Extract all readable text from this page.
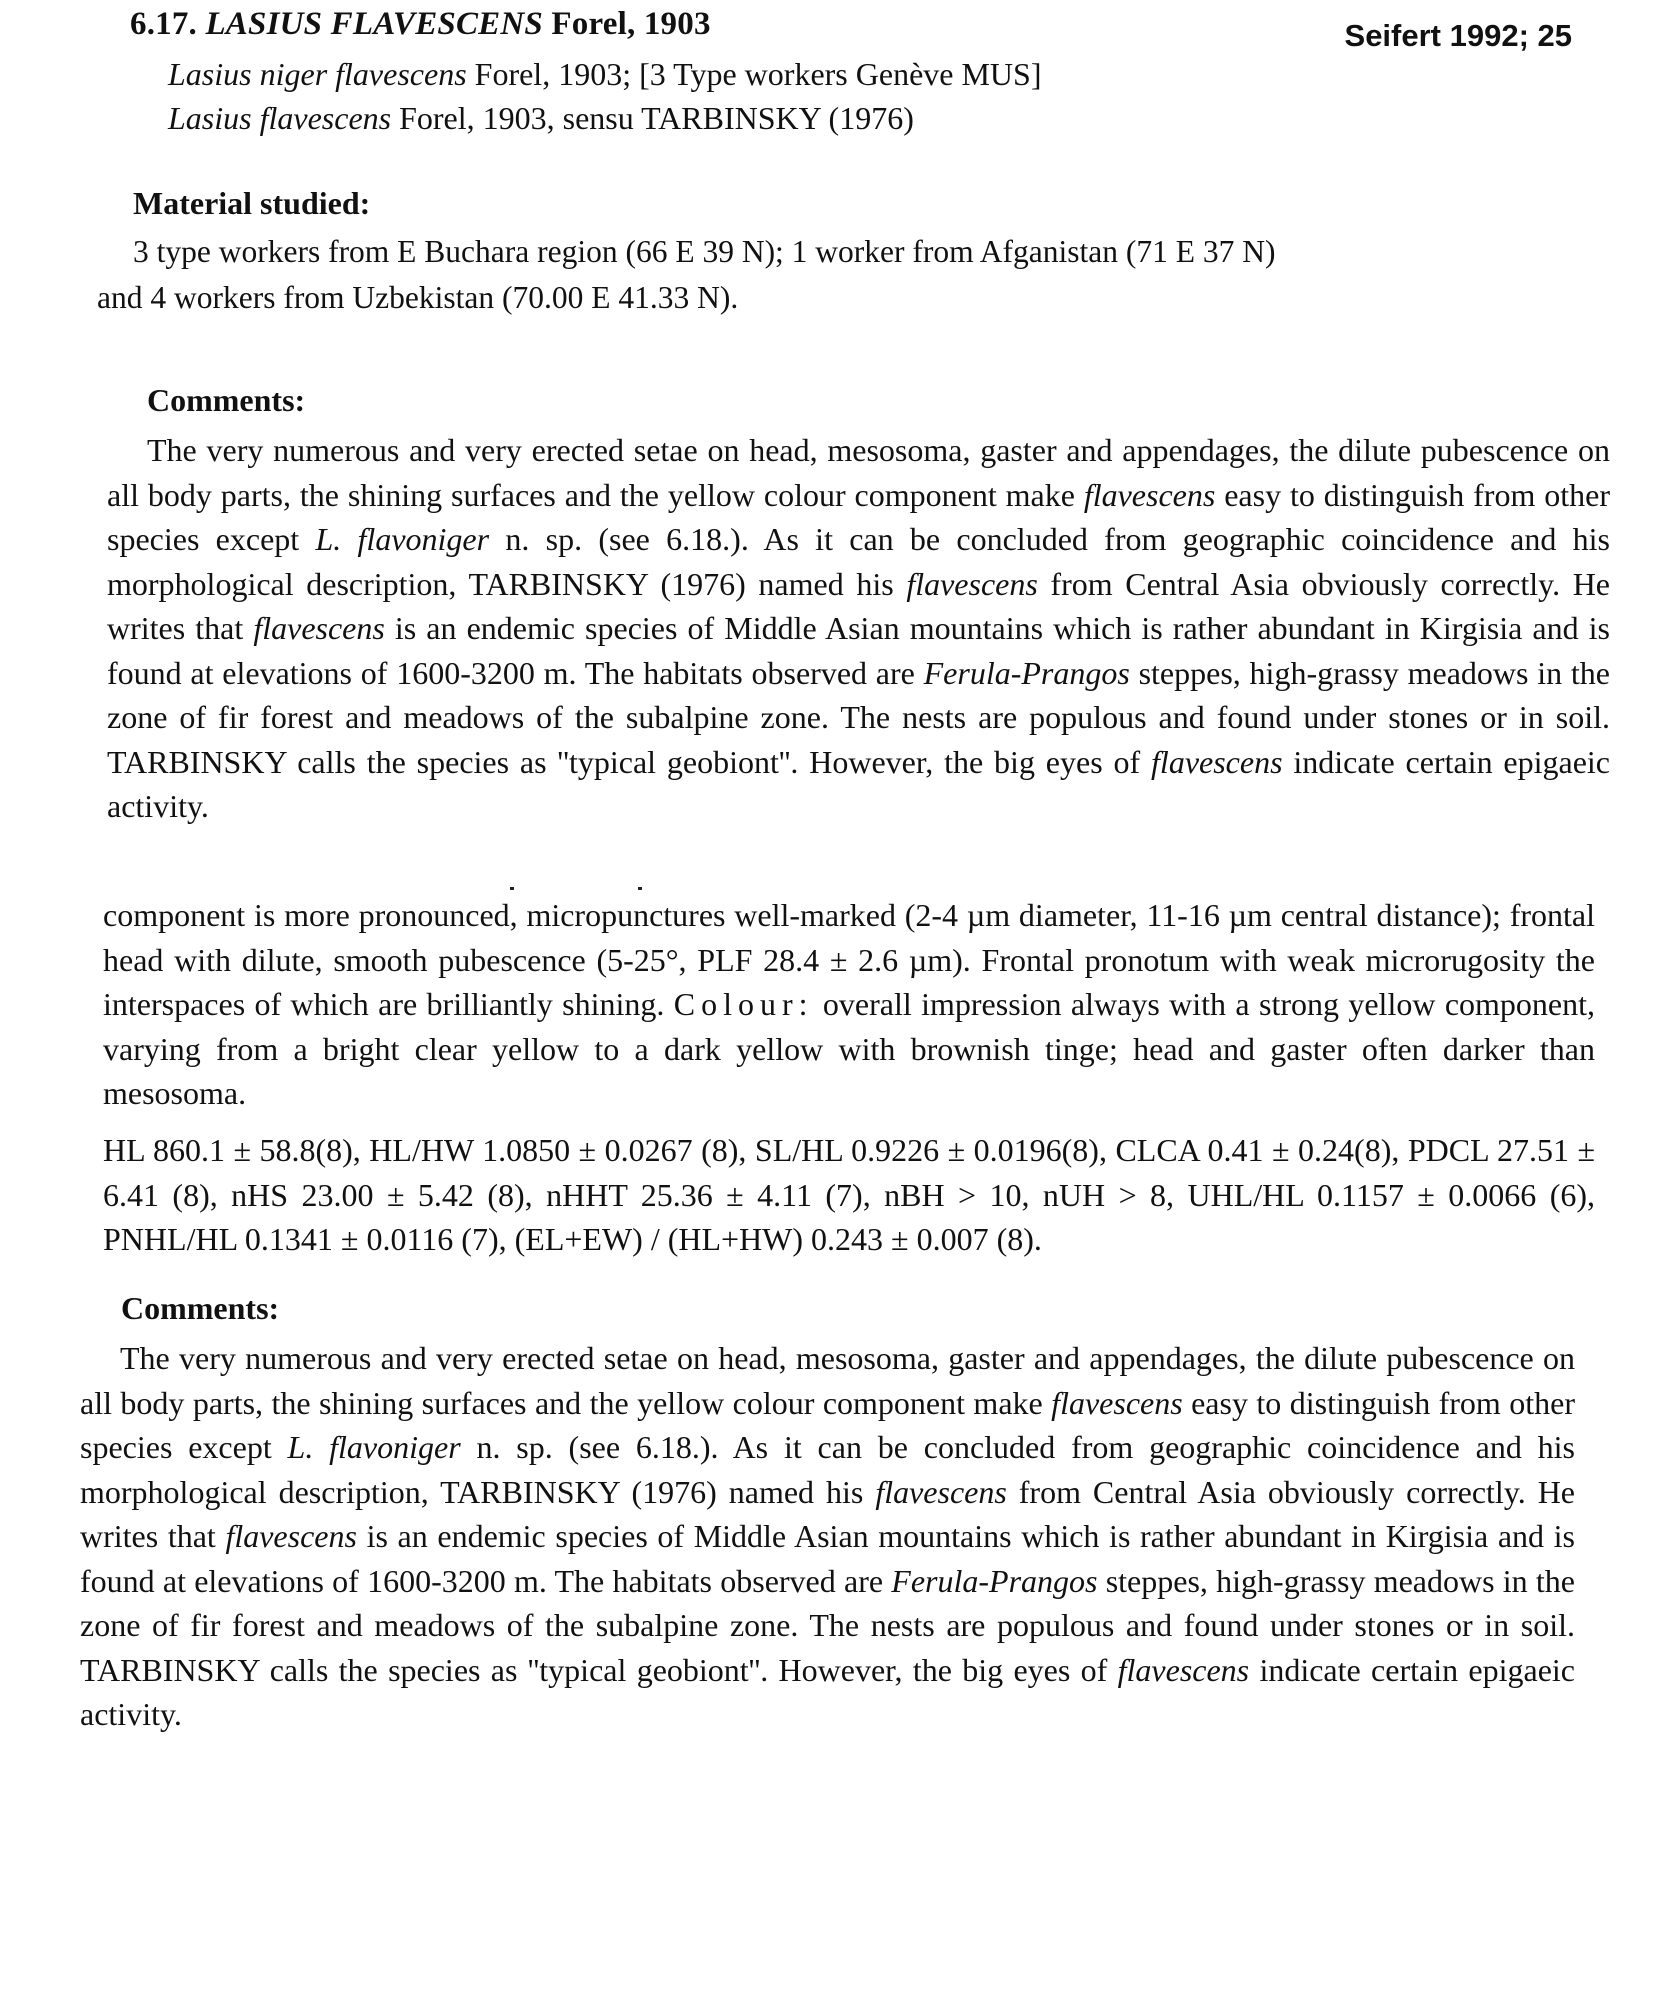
6.17. LASIUS FLAVESCENS Forel, 1903	Seifert 1992; 25
Lasius niger flavescens Forel, 1903; [3 Type workers Genève MUS]
Lasius flavescens Forel, 1903, sensu TARBINSKY (1976)
Material studied:
3 type workers from E Buchara region (66 E 39 N); 1 worker from Afganistan (71 E 37 N)
and 4 workers from Uzbekistan (70.00 E 41.33 N).
Comments:

The very numerous and very erected setae on head, mesosoma, gaster and appendages, the dilute pubescence on all body parts, the shining surfaces and the yellow colour component make flavescens easy to distinguish from other species except L. flavoniger n. sp. (see 6.18.). As it can be concluded from geographic coincidence and his morphological description, TARBINSKY (1976) named his flavescens from Central Asia obviously correctly. He writes that flavescens is an endemic species of Middle Asian mountains which is rather abundant in Kirgisia and is found at elevations of 1600-3200 m. The habitats observed are Ferula-Prangos steppes, high-grassy meadows in the zone of fir forest and meadows of the subalpine zone. The nests are populous and found under stones or in soil. TARBINSKY calls the species as ''typical geobiont''. However, the big eyes of flavescens indicate certain epigaeic activity.

component is more pronounced, micropunctures well-marked (2-4 µm diameter, 11-16 µm central distance); frontal head with dilute, smooth pubescence (5-25°, PLF 28.4 ± 2.6 µm). Frontal pronotum with weak microrugosity the interspaces of which are brilliantly shining. Colour: overall impression always with a strong yellow component, varying from a bright clear yellow to a dark yellow with brownish tinge; head and gaster often darker than mesosoma.
HL 860.1 ± 58.8(8), HL/HW 1.0850 ± 0.0267 (8), SL/HL 0.9226 ± 0.0196(8), CLCA 0.41 ± 0.24(8), PDCL 27.51 ± 6.41 (8), nHS 23.00 ± 5.42 (8), nHHT 25.36 ± 4.11 (7), nBH > 10, nUH > 8, UHL/HL 0.1157 ± 0.0066 (6), PNHL/HL 0.1341 ± 0.0116 (7), (EL+EW) / (HL+HW) 0.243 ± 0.007 (8).
Comments:

The very numerous and very erected setae on head, mesosoma, gaster and appendages, the dilute pubescence on all body parts, the shining surfaces and the yellow colour component make flavescens easy to distinguish from other species except L. flavoniger n. sp. (see 6.18.). As it can be concluded from geographic coincidence and his morphological description, TARBINSKY (1976) named his flavescens from Central Asia obviously correctly. He writes that flavescens is an endemic species of Middle Asian mountains which is rather abundant in Kirgisia and is found at elevations of 1600-3200 m. The habitats observed are Ferula-Prangos steppes, high-grassy meadows in the zone of fir forest and meadows of the subalpine zone. The nests are populous and found under stones or in soil. TARBINSKY calls the species as ''typical geobiont''. However, the big eyes of flavescens indicate certain epigaeic activity.
